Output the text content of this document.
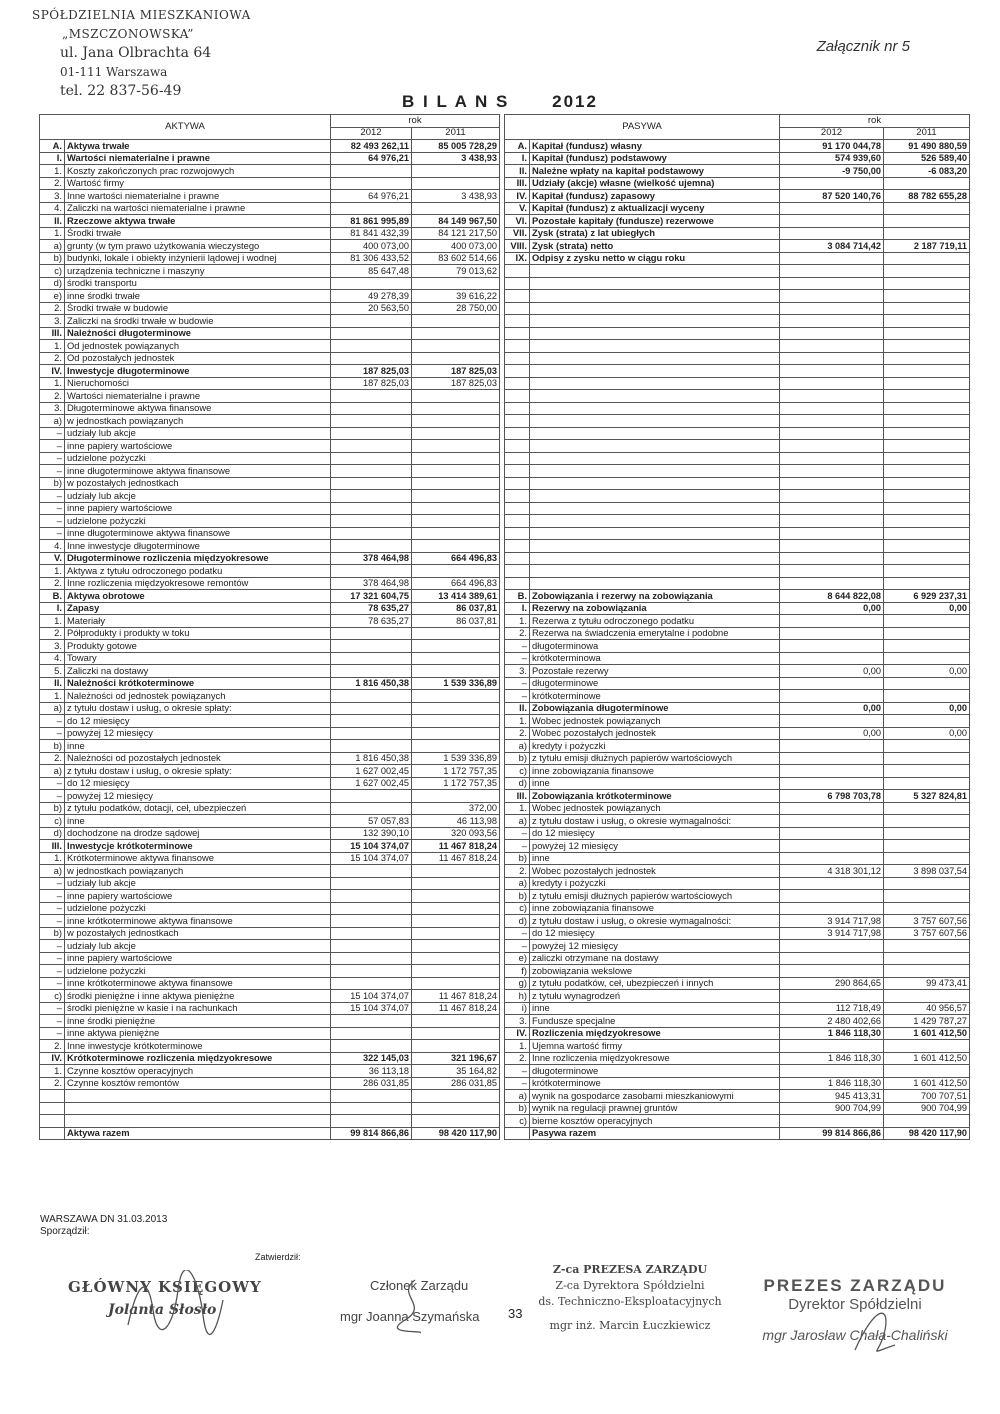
SPÓŁDZIELNIA MIESZKANIOWA
„MSZCZONOWSKA”
ul. Jana Olbrachta 64
01-111 Warszawa
tel. 22 837-56-49
Załącznik nr 5
B I L A N S	2012
AKTYWA		rok	
		2012	2011
A.	Aktywa trwałe	82 493 262,11	85 005 728,29
I.	Wartości niematerialne i prawne	64 976,21	3 438,93
1.	Koszty zakończonych prac rozwojowych		
2.	Wartość firmy		
3.	Inne wartości niematerialne i prawne	64 976,21	3 438,93
4.	Zaliczki na wartości niematerialne i prawne		
II.	Rzeczowe aktywa trwałe	81 861 995,89	84 149 967,50
1.	Środki trwałe	81 841 432,39	84 121 217,50
a)	grunty (w tym prawo użytkowania wieczystego	400 073,00	400 073,00
b)	budynki, lokale i obiekty inżynierii lądowej i wodnej	81 306 433,52	83 602 514,66
c)	urządzenia techniczne i maszyny	85 647,48	79 013,62
d)	środki transportu		
e)	inne środki trwałe	49 278,39	39 616,22
2.	Środki trwałe w budowie	20 563,50	28 750,00
3.	Zaliczki na środki trwałe w budowie		
III.	Należności długoterminowe		
1.	Od jednostek powiązanych		
2.	Od pozostałych jednostek		
IV.	Inwestycje długoterminowe	187 825,03	187 825,03
1.	Nieruchomości	187 825,03	187 825,03
2.	Wartości niematerialne i prawne		
3.	Długoterminowe aktywa finansowe		
a)	w jednostkach powiązanych		
–	udziały lub akcje		
–	inne papiery wartościowe		
–	udzielone pożyczki		
–	inne długoterminowe aktywa finansowe		
b)	w pozostałych jednostkach		
–	udziały lub akcje		
–	inne papiery wartościowe		
–	udzielone pożyczki		
–	inne długoterminowe aktywa finansowe		
4.	Inne inwestycje długoterminowe		
V.	Długoterminowe rozliczenia międzyokresowe	378 464,98	664 496,83
1.	Aktywa z tytułu odroczonego podatku		
2.	Inne rozliczenia międzyokresowe remontów	378 464,98	664 496,83
B.	Aktywa obrotowe	17 321 604,75	13 414 389,61
I.	Zapasy	78 635,27	86 037,81
1.	Materiały	78 635,27	86 037,81
2.	Półprodukty i produkty w toku		
3.	Produkty gotowe		
4.	Towary		
5.	Zaliczki na dostawy		
II.	Należności krótkoterminowe	1 816 450,38	1 539 336,89
1.	Należności od jednostek powiązanych		
a)	z tytułu dostaw i usług, o okresie spłaty:		
–	do 12 miesięcy		
–	powyżej 12 miesięcy		
b)	inne		
2.	Należności od pozostałych jednostek	1 816 450,38	1 539 336,89
a)	z tytułu dostaw i usług, o okresie spłaty:	1 627 002,45	1 172 757,35
–	do 12 miesięcy	1 627 002,45	1 172 757,35
–	powyżej 12 miesięcy		
b)	z tytułu podatków, dotacji, ceł, ubezpieczeń		372,00
c)	inne	57 057,83	46 113,98
d)	dochodzone na drodze sądowej	132 390,10	320 093,56
III.	Inwestycje krótkoterminowe	15 104 374,07	11 467 818,24
1.	Krótkoterminowe aktywa finansowe	15 104 374,07	11 467 818,24
a)	w jednostkach powiązanych		
–	udziały lub akcje		
–	inne papiery wartościowe		
–	udzielone pożyczki		
–	inne krótkoterminowe aktywa finansowe		
b)	w pozostałych jednostkach		
–	udziały lub akcje		
–	inne papiery wartościowe		
–	udzielone pożyczki		
–	inne krótkoterminowe aktywa finansowe		
c)	środki pieniężne i inne aktywa pieniężne	15 104 374,07	11 467 818,24
–	środki pieniężne w kasie i na rachunkach	15 104 374,07	11 467 818,24
–	inne środki pieniężne		
–	inne aktywa pieniężne		
2.	Inne inwestycje krótkoterminowe		
IV.	Krótkoterminowe rozliczenia międzyokresowe	322 145,03	321 196,67
1.	Czynne kosztów operacyjnych	36 113,18	35 164,82
2.	Czynne kosztów remontów	286 031,85	286 031,85

	Aktywa razem	99 814 866,86	98 420 117,90
PASYWA		rok	
		2012	2011
A.	Kapitał (fundusz) własny	91 170 044,78	91 490 880,59
I.	Kapitał (fundusz) podstawowy	574 939,60	526 589,40
II.	Należne wpłaty na kapitał podstawowy	-9 750,00	-6 083,20
III.	Udziały (akcje) własne (wielkość ujemna)		
IV.	Kapitał (fundusz) zapasowy	87 520 140,76	88 782 655,28
V.	Kapitał (fundusz) z aktualizacji wyceny		
VI.	Pozostałe kapitały (fundusze) rezerwowe		
VII.	Zysk (strata) z lat ubiegłych		
VIII.	Zysk (strata) netto	3 084 714,42	2 187 719,11
IX.	Odpisy z zysku netto w ciągu roku		

B.	Zobowiązania i rezerwy na zobowiązania	8 644 822,08	6 929 237,31
I.	Rezerwy na zobowiązania	0,00	0,00
1.	Rezerwa z tytułu odroczonego podatku		
2.	Rezerwa na świadczenia emerytalne i podobne		
–	długoterminowa		
–	krótkoterminowa		
3.	Pozostałe rezerwy	0,00	0,00
–	długoterminowe		
–	krótkoterminowe		
II.	Zobowiązania długoterminowe	0,00	0,00
1.	Wobec jednostek powiązanych		
2.	Wobec pozostałych jednostek	0,00	0,00
a)	kredyty i pożyczki		
b)	z tytułu emisji dłużnych papierów wartościowych		
c)	inne zobowiązania finansowe		
d)	inne		
III.	Zobowiązania krótkoterminowe	6 798 703,78	5 327 824,81
1.	Wobec jednostek powiązanych		
a)	z tytułu dostaw i usług, o okresie wymagalności:		
–	do 12 miesięcy		
–	powyżej 12 miesięcy		
b)	inne		
2.	Wobec pozostałych jednostek	4 318 301,12	3 898 037,54
a)	kredyty i pożyczki		
b)	z tytułu emisji dłużnych papierów wartościowych		
c)	inne zobowiązania finansowe		
d)	z tytułu dostaw i usług, o okresie wymagalności:	3 914 717,98	3 757 607,56
–	do 12 miesięcy	3 914 717,98	3 757 607,56
–	powyżej 12 miesięcy		
e)	zaliczki otrzymane na dostawy		
f)	zobowiązania wekslowe		
g)	z tytułu podatków, ceł, ubezpieczeń i innych	290 864,65	99 473,41
h)	z tytułu wynagrodzeń		
i)	inne	112 718,49	40 956,57
3.	Fundusze specjalne	2 480 402,66	1 429 787,27
IV.	Rozliczenia międzyokresowe	1 846 118,30	1 601 412,50
1.	Ujemna wartość firmy		
2.	Inne rozliczenia międzyokresowe	1 846 118,30	1 601 412,50
–	długoterminowe		
–	krótkoterminowe	1 846 118,30	1 601 412,50
a)	wynik na gospodarce zasobami mieszkaniowymi	945 413,31	700 707,51
b)	wynik na regulacji prawnej gruntów	900 704,99	900 704,99
c)	bierne kosztów operacyjnych		
	Pasywa razem	99 814 866,86	98 420 117,90
WARSZAWA DN 31.03.2013
Sporządził:
Zatwierdził:
GŁÓWNY KSIĘGOWY
Jolanta Słosło
Członek Zarządu
mgr Joanna Szymańska
Z-ca PREZESA ZARZĄDU
Z-ca Dyrektora Spółdzielni
ds. Techniczno-Eksploatacyjnych
mgr inż. Marcin Łuczkiewicz
33
PREZES ZARZĄDU
Dyrektor Spółdzielni
mgr Jarosław Chała-Chaliński
